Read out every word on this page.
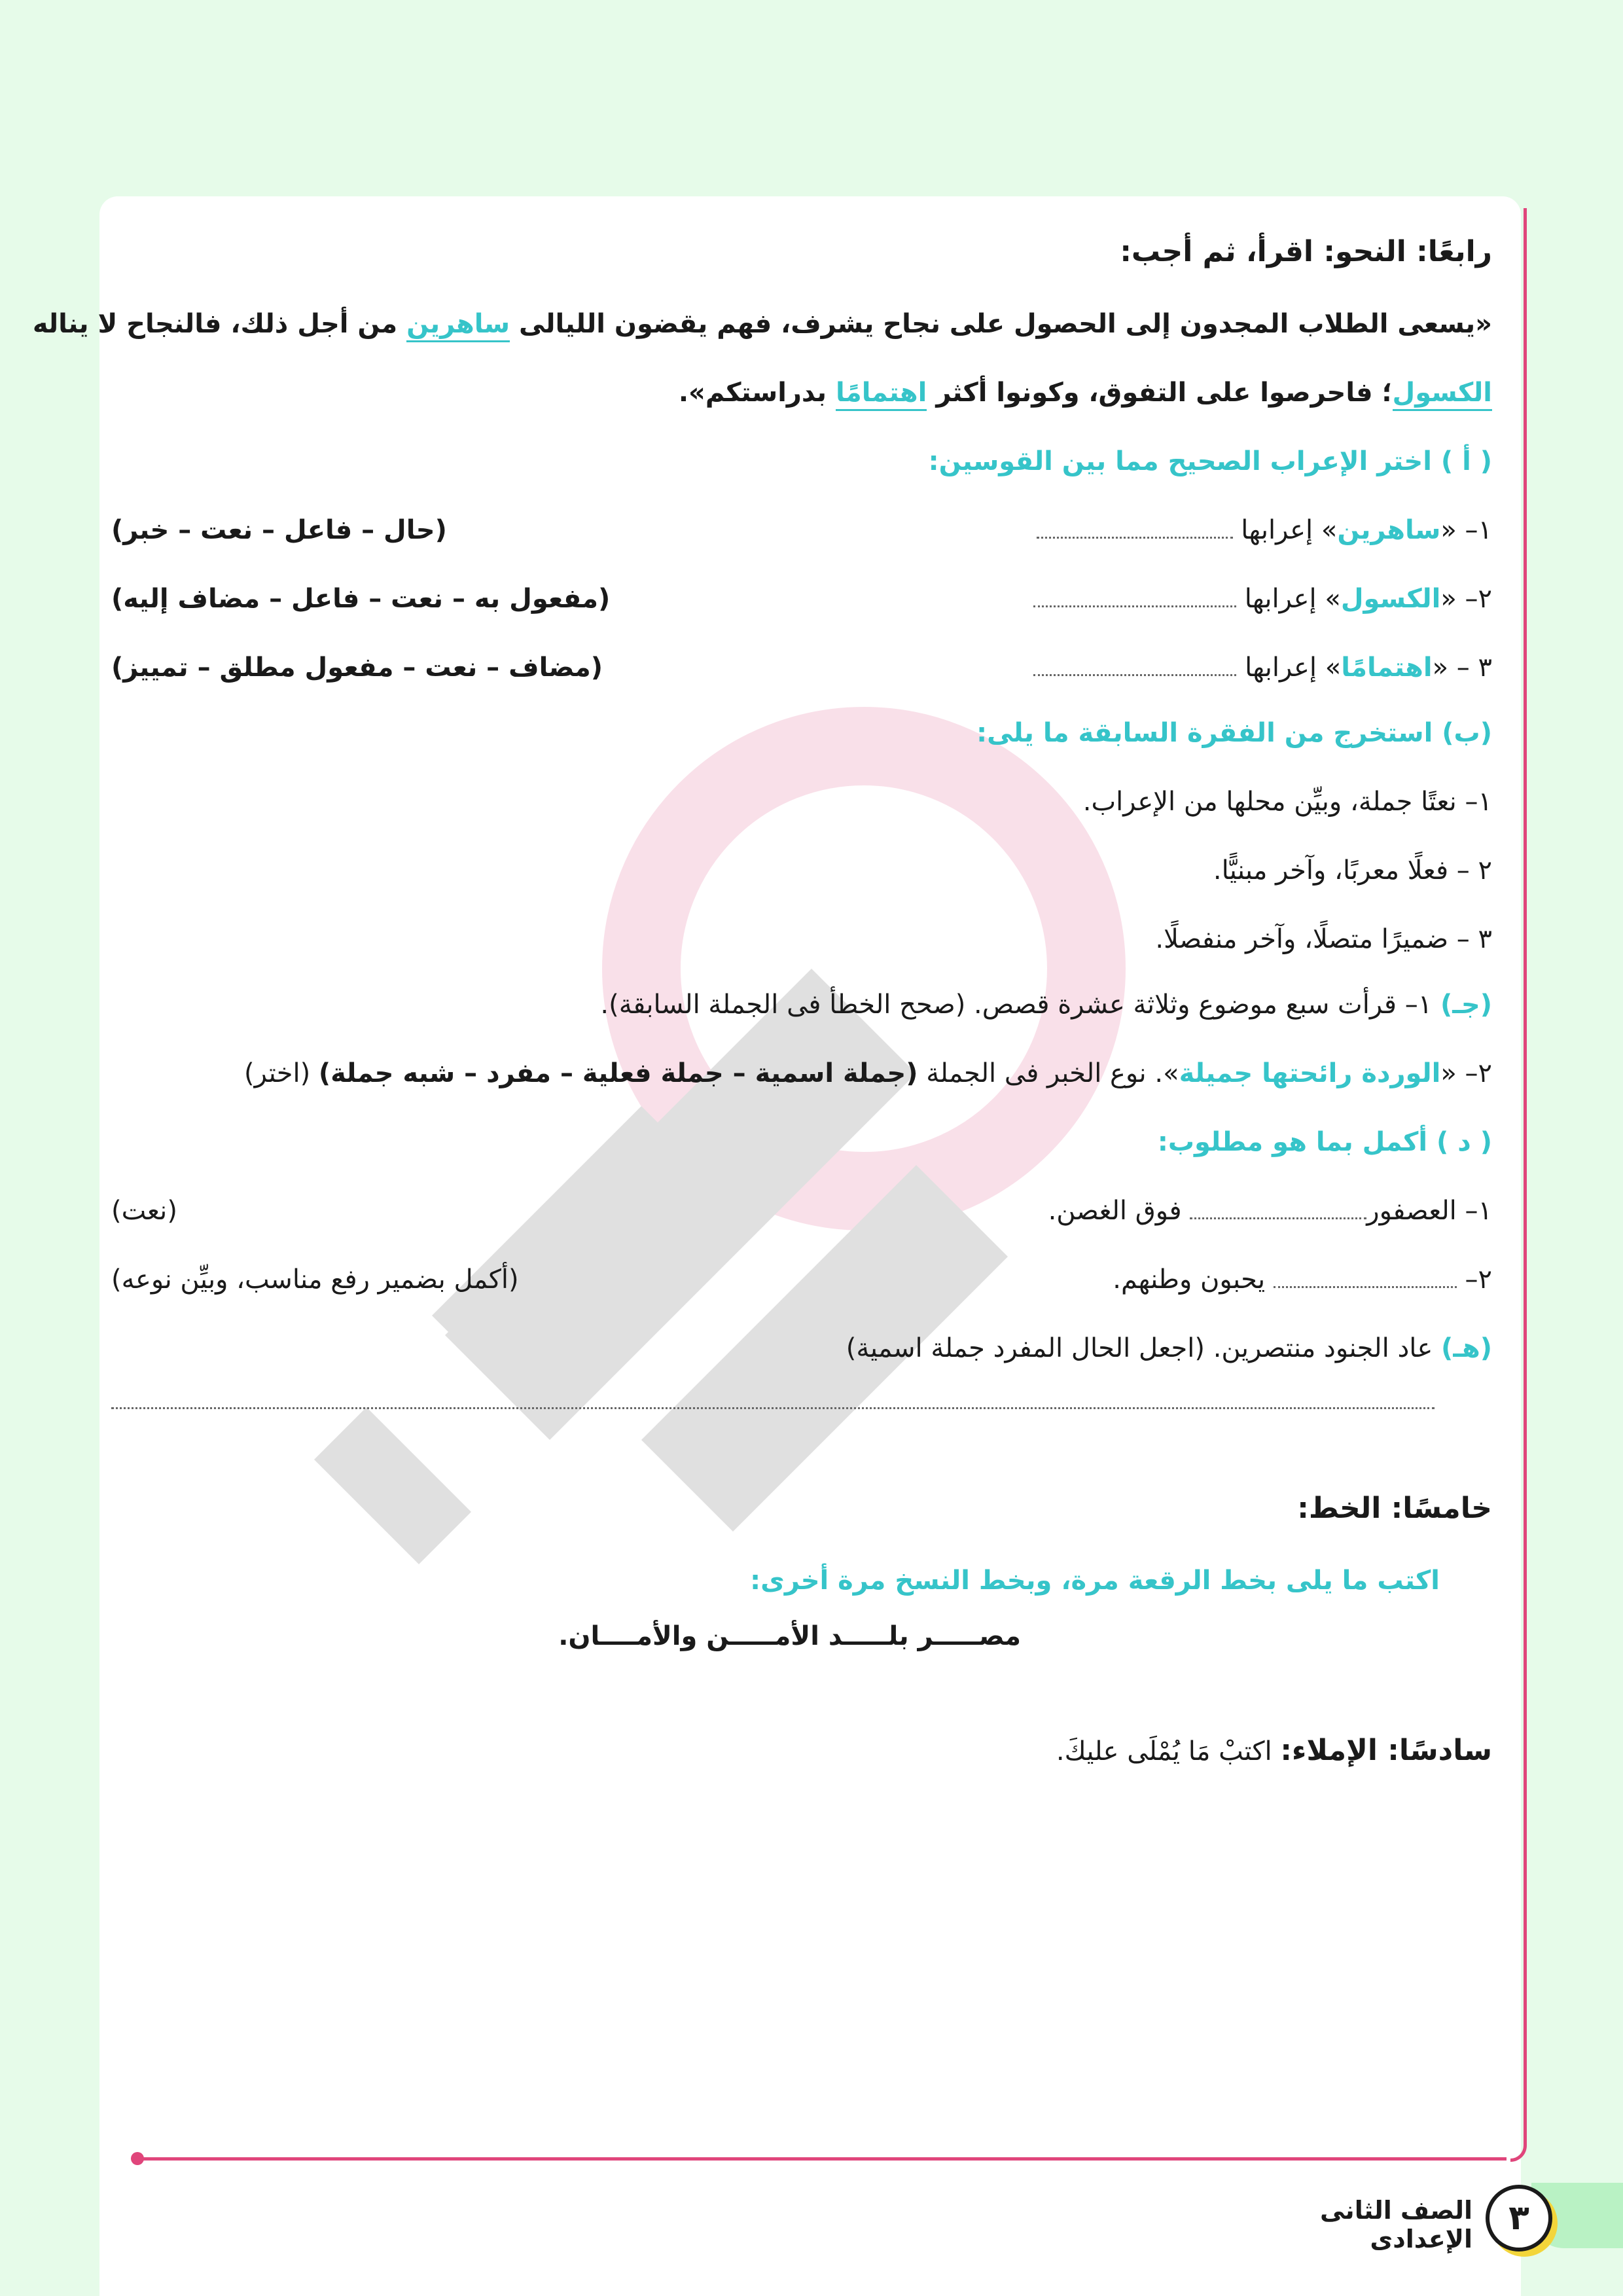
رابعًا: النحو: اقرأ، ثم أجب:
«يسعى الطلاب المجدون إلى الحصول على نجاح يشرف، فهم يقضون الليالى ساهرين من أجل ذلك، فالنجاح لا يناله
الكسول؛ فاحرصوا على التفوق، وكونوا أكثر اهتمامًا بدراستكم».
( أ ) اختر الإعراب الصحيح مما بين القوسين:
١– «ساهرين» إعرابها
(حال – فاعل – نعت – خبر)
٢– «الكسول» إعرابها
(مفعول به – نعت – فاعل – مضاف إليه)
٣ – «اهتمامًا» إعرابها
(مضاف – نعت – مفعول مطلق – تمييز)
(ب) استخرج من الفقرة السابقة ما يلى:
١– نعتًا جملة، وبيِّن محلها من الإعراب.
٢ – فعلًا معربًا، وآخر مبنيًّا.
٣ – ضميرًا متصلًا، وآخر منفصلًا.
(جـ) ١– قرأت سبع موضوع وثلاثة عشرة قصص. (صحح الخطأ فى الجملة السابقة).
٢– «الوردة رائحتها جميلة». نوع الخبر فى الجملة (جملة اسمية – جملة فعلية – مفرد – شبه جملة) (اختر)
( د ) أكمل بما هو مطلوب:
١– العصفور فوق الغصن.
(نعت)
٢–  يحبون وطنهم.
(أكمل بضمير رفع مناسب، وبيِّن نوعه)
(هـ) عاد الجنود منتصرين. (اجعل الحال المفرد جملة اسمية)
خامسًا: الخط:
اكتب ما يلى بخط الرقعة مرة، وبخط النسخ مرة أخرى:
مصـــــر بلـــــد الأمـــــن والأمــــان.
سادسًا: الإملاء: اكتبْ مَا يُمْلَى عليكَ.
٣
الصف الثانى الإعدادى
